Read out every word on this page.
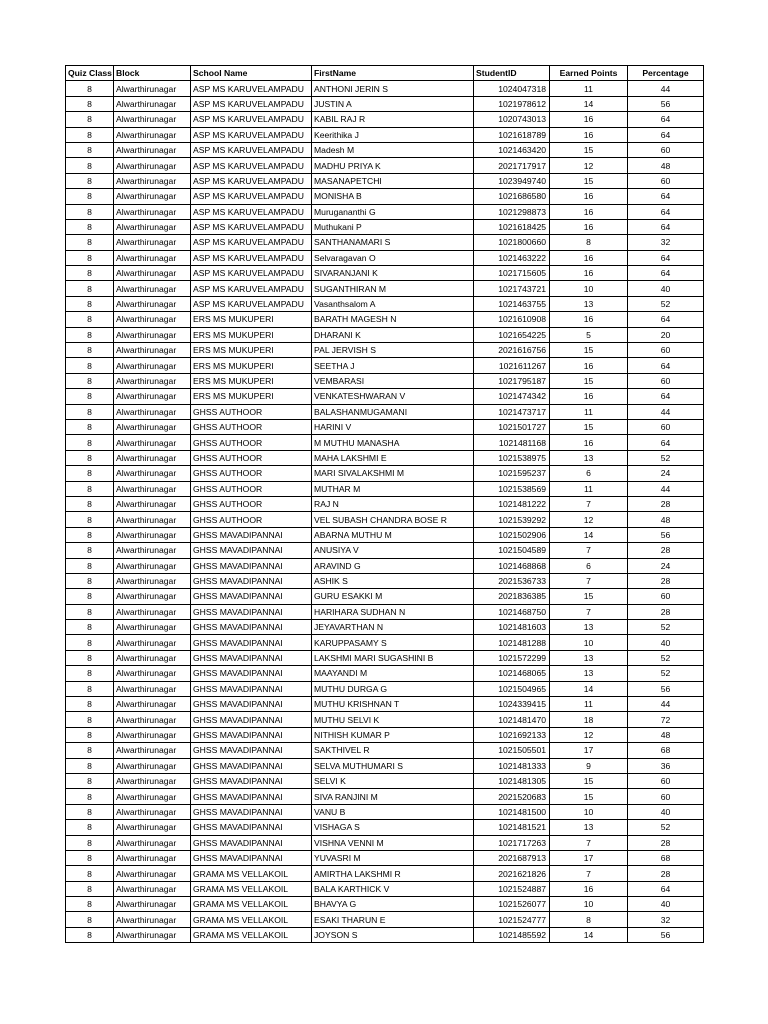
Quiz Class	Block	School Name	FirstName	StudentID	Earned Points	Percentage
8	Alwarthirunagar	ASP MS KARUVELAMPADU	ANTHONI JERIN S	1024047318	11	44
8	Alwarthirunagar	ASP MS KARUVELAMPADU	JUSTIN A	1021978612	14	56
8	Alwarthirunagar	ASP MS KARUVELAMPADU	KABIL RAJ R	1020743013	16	64
8	Alwarthirunagar	ASP MS KARUVELAMPADU	Keerithika J	1021618789	16	64
8	Alwarthirunagar	ASP MS KARUVELAMPADU	Madesh M	1021463420	15	60
8	Alwarthirunagar	ASP MS KARUVELAMPADU	MADHU PRIYA K	2021717917	12	48
8	Alwarthirunagar	ASP MS KARUVELAMPADU	MASANAPETCHI	1023949740	15	60
8	Alwarthirunagar	ASP MS KARUVELAMPADU	MONISHA B	1021686580	16	64
8	Alwarthirunagar	ASP MS KARUVELAMPADU	Murugananthi G	1021298873	16	64
8	Alwarthirunagar	ASP MS KARUVELAMPADU	Muthukani P	1021618425	16	64
8	Alwarthirunagar	ASP MS KARUVELAMPADU	SANTHANAMARI S	1021800660	8	32
8	Alwarthirunagar	ASP MS KARUVELAMPADU	Selvaragavan O	1021463222	16	64
8	Alwarthirunagar	ASP MS KARUVELAMPADU	SIVARANJANI K	1021715605	16	64
8	Alwarthirunagar	ASP MS KARUVELAMPADU	SUGANTHIRAN M	1021743721	10	40
8	Alwarthirunagar	ASP MS KARUVELAMPADU	Vasanthsalom A	1021463755	13	52
8	Alwarthirunagar	ERS MS MUKUPERI	BARATH MAGESH N	1021610908	16	64
8	Alwarthirunagar	ERS MS MUKUPERI	DHARANI K	1021654225	5	20
8	Alwarthirunagar	ERS MS MUKUPERI	PAL JERVISH S	2021616756	15	60
8	Alwarthirunagar	ERS MS MUKUPERI	SEETHA J	1021611267	16	64
8	Alwarthirunagar	ERS MS MUKUPERI	VEMBARASI	1021795187	15	60
8	Alwarthirunagar	ERS MS MUKUPERI	VENKATESHWARAN V	1021474342	16	64
8	Alwarthirunagar	GHSS AUTHOOR	BALASHANMUGAMANI	1021473717	11	44
8	Alwarthirunagar	GHSS AUTHOOR	HARINI V	1021501727	15	60
8	Alwarthirunagar	GHSS AUTHOOR	M MUTHU MANASHA	1021481168	16	64
8	Alwarthirunagar	GHSS AUTHOOR	MAHA LAKSHMI E	1021538975	13	52
8	Alwarthirunagar	GHSS AUTHOOR	MARI SIVALAKSHMI M	1021595237	6	24
8	Alwarthirunagar	GHSS AUTHOOR	MUTHAR M	1021538569	11	44
8	Alwarthirunagar	GHSS AUTHOOR	RAJ N	1021481222	7	28
8	Alwarthirunagar	GHSS AUTHOOR	VEL SUBASH CHANDRA BOSE R	1021539292	12	48
8	Alwarthirunagar	GHSS MAVADIPANNAI	ABARNA MUTHU M	1021502906	14	56
8	Alwarthirunagar	GHSS MAVADIPANNAI	ANUSIYA V	1021504589	7	28
8	Alwarthirunagar	GHSS MAVADIPANNAI	ARAVIND G	1021468868	6	24
8	Alwarthirunagar	GHSS MAVADIPANNAI	ASHIK S	2021536733	7	28
8	Alwarthirunagar	GHSS MAVADIPANNAI	GURU ESAKKI M	2021836385	15	60
8	Alwarthirunagar	GHSS MAVADIPANNAI	HARIHARA SUDHAN N	1021468750	7	28
8	Alwarthirunagar	GHSS MAVADIPANNAI	JEYAVARTHAN N	1021481603	13	52
8	Alwarthirunagar	GHSS MAVADIPANNAI	KARUPPASAMY S	1021481288	10	40
8	Alwarthirunagar	GHSS MAVADIPANNAI	LAKSHMI MARI SUGASHINI B	1021572299	13	52
8	Alwarthirunagar	GHSS MAVADIPANNAI	MAAYANDI M	1021468065	13	52
8	Alwarthirunagar	GHSS MAVADIPANNAI	MUTHU DURGA G	1021504965	14	56
8	Alwarthirunagar	GHSS MAVADIPANNAI	MUTHU KRISHNAN T	1024339415	11	44
8	Alwarthirunagar	GHSS MAVADIPANNAI	MUTHU SELVI K	1021481470	18	72
8	Alwarthirunagar	GHSS MAVADIPANNAI	NITHISH KUMAR P	1021692133	12	48
8	Alwarthirunagar	GHSS MAVADIPANNAI	SAKTHIVEL R	1021505501	17	68
8	Alwarthirunagar	GHSS MAVADIPANNAI	SELVA MUTHUMARI S	1021481333	9	36
8	Alwarthirunagar	GHSS MAVADIPANNAI	SELVI K	1021481305	15	60
8	Alwarthirunagar	GHSS MAVADIPANNAI	SIVA RANJINI M	2021520683	15	60
8	Alwarthirunagar	GHSS MAVADIPANNAI	VANU B	1021481500	10	40
8	Alwarthirunagar	GHSS MAVADIPANNAI	VISHAGA S	1021481521	13	52
8	Alwarthirunagar	GHSS MAVADIPANNAI	VISHNA VENNI M	1021717263	7	28
8	Alwarthirunagar	GHSS MAVADIPANNAI	YUVASRI M	2021687913	17	68
8	Alwarthirunagar	GRAMA MS VELLAKOIL	AMIRTHA LAKSHMI R	2021621826	7	28
8	Alwarthirunagar	GRAMA MS VELLAKOIL	BALA KARTHICK V	1021524887	16	64
8	Alwarthirunagar	GRAMA MS VELLAKOIL	BHAVYA G	1021526077	10	40
8	Alwarthirunagar	GRAMA MS VELLAKOIL	ESAKI THARUN E	1021524777	8	32
8	Alwarthirunagar	GRAMA MS VELLAKOIL	JOYSON S	1021485592	14	56
